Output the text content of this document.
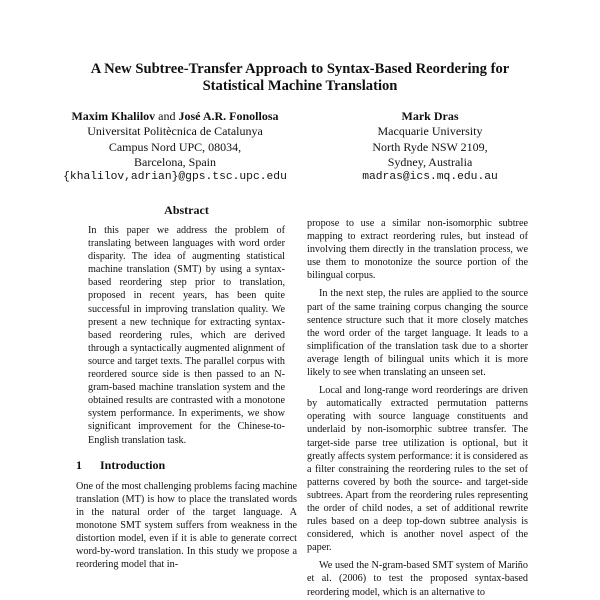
A New Subtree-Transfer Approach to Syntax-Based Reordering for
Statistical Machine Translation
Maxim Khalilov and José A.R. Fonollosa
Universitat Politècnica de Catalunya
Campus Nord UPC, 08034,
Barcelona, Spain
{khalilov,adrian}@gps.tsc.upc.edu
Mark Dras
Macquarie University
North Ryde NSW 2109,
Sydney, Australia
madras@ics.mq.edu.au
Abstract

In this paper we address the problem of translating between languages with word order disparity. The idea of augmenting statistical machine translation (SMT) by using a syntax-based reordering step prior to translation, proposed in recent years, has been quite successful in improving translation quality. We present a new technique for extracting syntax-based reordering rules, which are derived through a syntactically augmented alignment of source and target texts. The parallel corpus with reordered source side is then passed to an N-gram-based machine translation system and the obtained results are contrasted with a monotone system performance. In experiments, we show significant improvement for the Chinese-to-English translation task.

1 Introduction

One of the most challenging problems facing machine translation (MT) is how to place the translated words in the natural order of the target language. A monotone SMT system suffers from weakness in the distortion model, even if it is able to generate correct word-by-word translation. In this study we propose a reordering model that in-

propose to use a similar non-isomorphic subtree mapping to extract reordering rules, but instead of involving them directly in the translation process, we use them to monotonize the source portion of the bilingual corpus.

In the next step, the rules are applied to the source part of the same training corpus changing the source sentence structure such that it more closely matches the word order of the target language. It leads to a simplification of the translation task due to a shorter average length of bilingual units which it is more likely to see when translating an unseen set.

Local and long-range word reorderings are driven by automatically extracted permutation patterns operating with source language constituents and underlaid by non-isomorphic subtree transfer. The target-side parse tree utilization is optional, but it greatly affects system performance: it is considered as a filter constraining the reordering rules to the set of patterns covered by both the source- and target-side subtrees. Apart from the reordering rules representing the order of child nodes, a set of additional rewrite rules based on a deep top-down subtree analysis is considered, which is another novel aspect of the paper.

We used the N-gram-based SMT system of Mariño et al. (2006) to test the proposed syntax-based reordering model, which is an alternative to
